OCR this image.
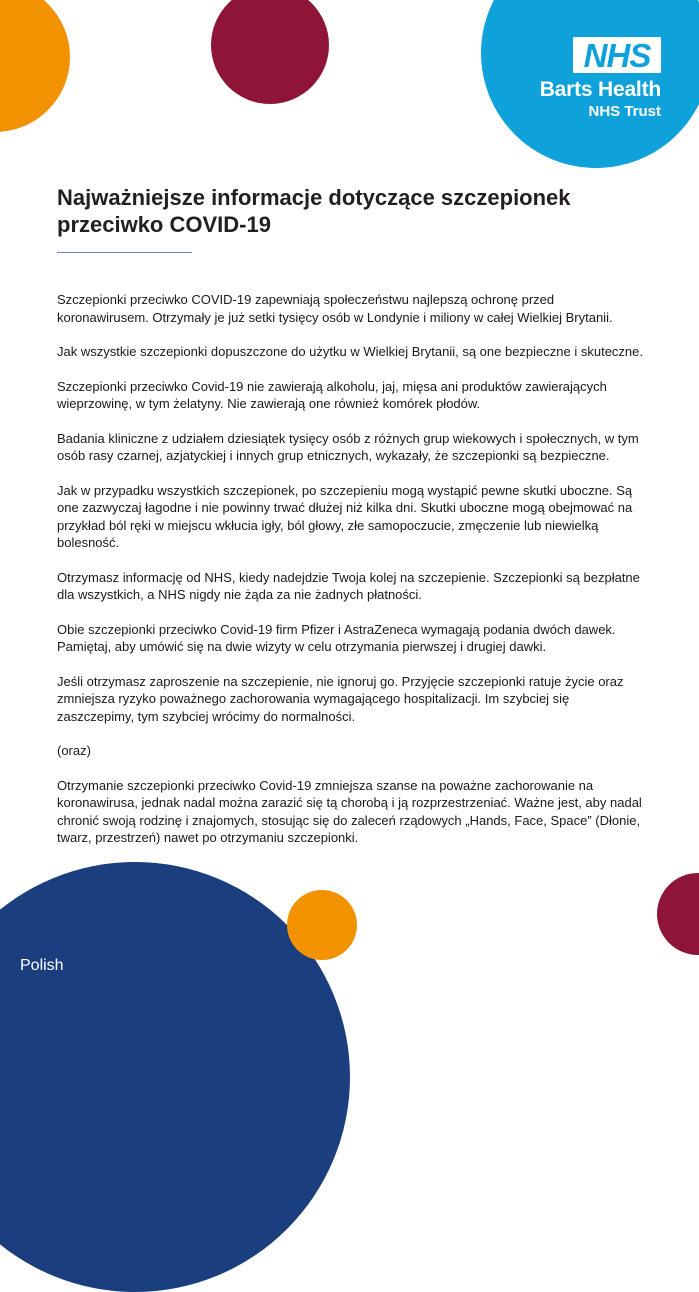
NHS
Barts Health
NHS Trust
Najważniejsze informacje dotyczące szczepionek przeciwko COVID-19

Szczepionki przeciwko COVID-19 zapewniają społeczeństwu najlepszą ochronę przed koronawirusem. Otrzymały je już setki tysięcy osób w Londynie i miliony w całej Wielkiej Brytanii.

Jak wszystkie szczepionki dopuszczone do użytku w Wielkiej Brytanii, są one bezpieczne i skuteczne.

Szczepionki przeciwko Covid-19 nie zawierają alkoholu, jaj, mięsa ani produktów zawierających wieprzowinę, w tym żelatyny. Nie zawierają one również komórek płodów.

Badania kliniczne z udziałem dziesiątek tysięcy osób z różnych grup wiekowych i społecznych, w tym osób rasy czarnej, azjatyckiej i innych grup etnicznych, wykazały, że szczepionki są bezpieczne.

Jak w przypadku wszystkich szczepionek, po szczepieniu mogą wystąpić pewne skutki uboczne. Są one zazwyczaj łagodne i nie powinny trwać dłużej niż kilka dni. Skutki uboczne mogą obejmować na przykład ból ręki w miejscu wkłucia igły, ból głowy, złe samopoczucie, zmęczenie lub niewielką bolesność.

Otrzymasz informację od NHS, kiedy nadejdzie Twoja kolej na szczepienie. Szczepionki są bezpłatne dla wszystkich, a NHS nigdy nie żąda za nie żadnych płatności.

Obie szczepionki przeciwko Covid-19 firm Pfizer i AstraZeneca wymagają podania dwóch dawek. Pamiętaj, aby umówić się na dwie wizyty w celu otrzymania pierwszej i drugiej dawki.

Jeśli otrzymasz zaproszenie na szczepienie, nie ignoruj go. Przyjęcie szczepionki ratuje życie oraz zmniejsza ryzyko poważnego zachorowania wymagającego hospitalizacji. Im szybciej się zaszczepimy, tym szybciej wrócimy do normalności.

(oraz)

Otrzymanie szczepionki przeciwko Covid-19 zmniejsza szanse na poważne zachorowanie na koronawirusa, jednak nadal można zarazić się tą chorobą i ją rozprzestrzeniać. Ważne jest, aby nadal chronić swoją rodzinę i znajomych, stosując się do zaleceń rządowych „Hands, Face, Space” (Dłonie, twarz, przestrzeń) nawet po otrzymaniu szczepionki.

Polish
